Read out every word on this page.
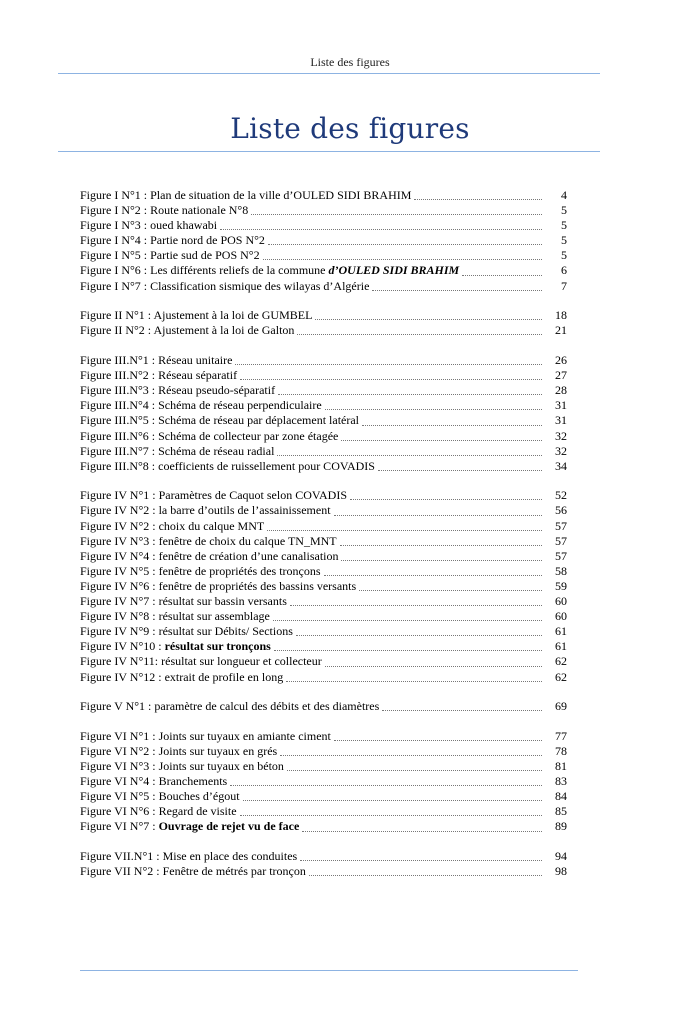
Liste des figures
Liste des figures
Figure I N°1 : Plan de situation de la ville d’OULED SIDI BRAHIM	4
Figure I N°2 : Route nationale N°8	5
Figure I N°3 : oued khawabi	5
Figure I N°4 : Partie nord de POS N°2	5
Figure I N°5 : Partie sud de POS N°2	5
Figure I N°6 : Les différents reliefs de la commune d’OULED SIDI BRAHIM	6
Figure I N°7 : Classification sismique des wilayas d’Algérie	7
Figure II N°1 : Ajustement à la loi de GUMBEL	18
Figure II N°2 : Ajustement à la loi de Galton	21
Figure III.N°1 : Réseau unitaire	26
Figure III.N°2 : Réseau séparatif	27
Figure III.N°3 : Réseau pseudo-séparatif	28
Figure III.N°4 : Schéma de réseau perpendiculaire	31
Figure III.N°5 : Schéma de réseau par déplacement latéral	31
Figure III.N°6 : Schéma de collecteur par zone étagée	32
Figure III.N°7 : Schéma de réseau radial	32
Figure III.N°8 : coefficients de ruissellement pour COVADIS	34
Figure IV N°1 : Paramètres de Caquot selon COVADIS	52
Figure IV N°2 : la barre d’outils de l’assainissement	56
Figure IV N°2 : choix du calque MNT	57
Figure IV N°3 : fenêtre de choix du calque TN_MNT	57
Figure IV N°4 : fenêtre de création d’une canalisation	57
Figure IV N°5 : fenêtre de propriétés des tronçons	58
Figure IV N°6 : fenêtre de propriétés des bassins versants	59
Figure IV N°7 : résultat sur bassin versants	60
Figure IV N°8 : résultat sur assemblage	60
Figure IV N°9 : résultat sur Débits/ Sections	61
Figure IV N°10 : résultat sur tronçons	61
Figure IV N°11: résultat sur longueur et collecteur	62
Figure IV N°12 : extrait de profile en long	62
Figure V N°1 : paramètre de calcul des débits et des diamètres	69
Figure VI N°1 : Joints sur tuyaux en amiante ciment	77
Figure VI N°2 : Joints sur tuyaux en grés	78
Figure VI N°3 : Joints sur tuyaux en béton	81
Figure VI N°4 : Branchements	83
Figure VI N°5 : Bouches d’égout	84
Figure VI N°6 : Regard de visite	85
Figure VI N°7 : Ouvrage de rejet vu de face	89
Figure VII.N°1 : Mise en place des conduites	94
Figure VII N°2 : Fenêtre de métrés par tronçon	98
